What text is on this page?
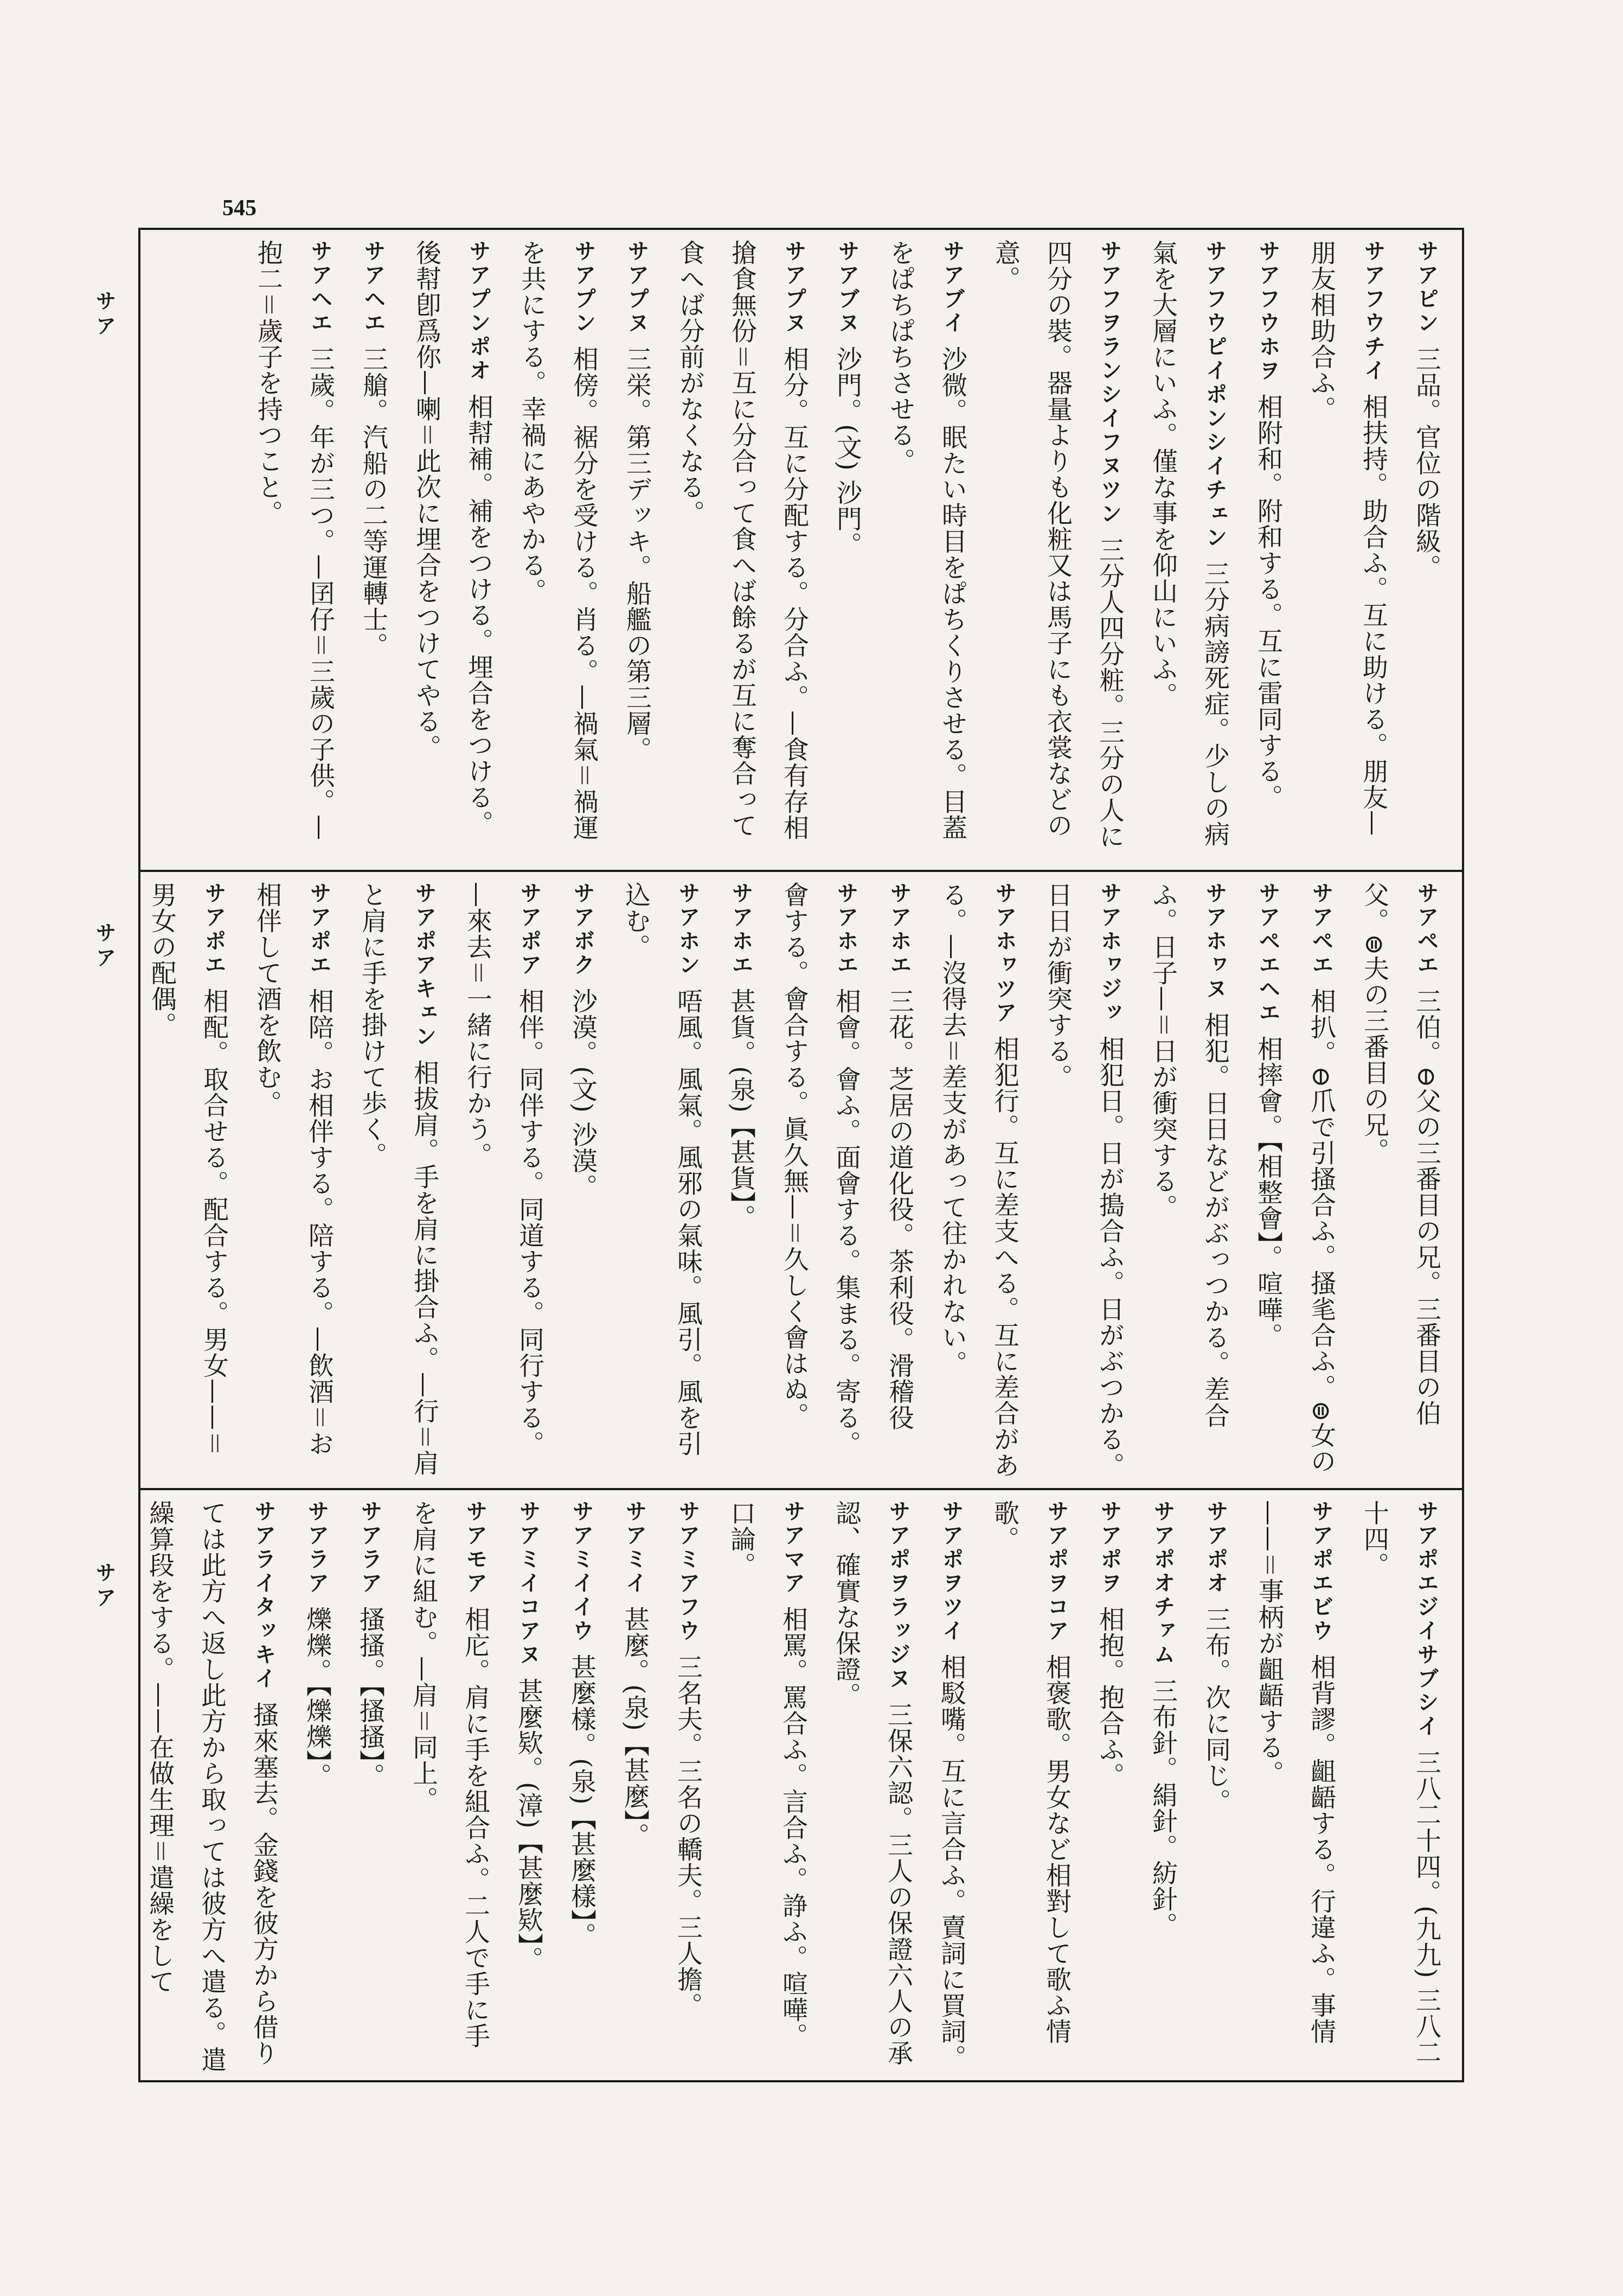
545
サア
サア
サア
サアピン三品。官位の階級。
サアフウチイ相扶持。助合ふ。互に助ける。朋友—朋友相助合ふ。
サアフウホヲ相附和。附和する。互に雷同する。
サアフウピイポンシイチェン三分病謗死症。少しの病氣を大層にいふ。僅な事を仰山にいふ。
サアフヲランシイフヌツン三分人四分粧。三分の人に四分の裝。器量よりも化粧又は馬子にも衣裳などの意。
サアブイ沙微。眠たい時目をぱちくりさせる。目蓋をぱちぱちさせる。
サアブヌ沙門。(文) 沙門。
サアプヌ相分。互に分配する。分合ふ。—食有存相搶食無份＝互に分合って食へば餘るが互に奪合って食へば分前がなくなる。
サアプヌ三栄。第三デッキ。船艦の第三層。
サアプン相傍。裾分を受ける。肖る。—禍氣＝禍運を共にする。幸禍にあやかる。
サアプンポオ相幇補。補をつける。埋合をつける。後幇卽爲你—喇＝此次に埋合をつけてやる。
サアヘエ三艙。汽船の二等運轉士。
サアヘエ三歲。年が三つ。—囝仔＝三歲の子供。—抱二＝歲子を持つこと。
サアペエ三伯。⊖父の三番目の兄。三番目の伯父。⊜夫の三番目の兄。
サアペエ相扒。⊖爪で引搔合ふ。搔毟合ふ。⊜女の
サアペエヘエ相摔會。【相整會】。喧嘩。
サアホヮヌ相犯。日日などがぶっつかる。差合ふ。日子—＝日が衝突する。
サアホヮジッ相犯日。日が搗合ふ。日がぶつかる。日日が衝突する。
サアホヮツア相犯行。互に差支へる。互に差合がある。—沒得去＝差支があって往かれない。
サアホエ三花。芝居の道化役。茶利役。滑稽役
サアホエ相會。會ふ。面會する。集まる。寄る。會する。會合する。眞久無—＝久しく會はぬ。
サアホエ甚貨。(泉)【甚貨】。
サアホン唔風。風氣。風邪の氣味。風引。風を引込む。
サアボク沙漠。(文) 沙漠。
サアポア相伴。同伴する。同道する。同行する。—來去＝一緒に行かう。
サアポアキェン相拔肩。手を肩に掛合ふ。—行＝肩と肩に手を掛けて歩く。
サアポエ相陪。お相伴する。陪する。—飲酒＝お相伴して酒を飲む。
サアポエ相配。取合せる。配合する。男女——＝男女の配偶。
サアポエジイサブシイ三八二十四。(九九) 三八二十四。
サアポエビウ相背謬。齟齬する。行違ふ。事情——＝事柄が齟齬する。
サアポオ三布。次に同じ。
サアポオチァム三布針。絹針。紡針。
サアポヲ相抱。抱合ふ。
サアポヲコア相褒歌。男女など相對して歌ふ情歌。
サアポヲツイ相駁嘴。互に言合ふ。賣詞に買詞。
サアポヲラッジヌ三保六認。三人の保證六人の承認、確實な保證。
サアマア相罵。罵合ふ。言合ふ。諍ふ。喧嘩。口論。
サアミアフウ三名夫。三名の轎夫。三人擔。
サアミイ甚麼。(泉)【甚麼】。
サアミイイウ甚麼樣。(泉)【甚麼樣】。
サアミイコアヌ甚麼欵。(漳)【甚麼欵】。
サアモア相庀。肩に手を組合ふ。二人で手に手を肩に組む。—肩＝同上。
サアラア搔搔。【搔搔】。
サアラア爍爍。【爍爍】。
サアライタッキイ搔來塞去。金錢を彼方から借りては此方へ返し此方から取っては彼方へ遣る。遣繰算段をする。——在做生理＝遣繰をして
